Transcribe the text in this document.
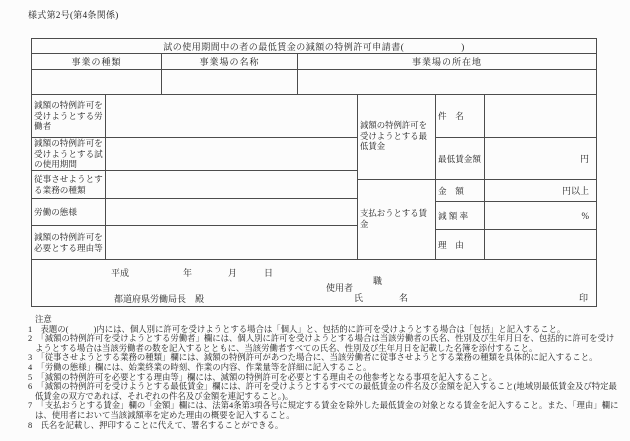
様式第2号(第4条関係)
試の使用期間中の者の最低賃金の減額の特例許可申請書(　　　　　　)
事業の種類	事業場の名称	事業場の所在地
減額の特例許可を受けようとする労働者
減額の特例許可を受けようとする試の使用期間
従事させようとする業務の種類
労働の態様
減額の特例許可を必要とする理由等
減額の特例許可を受けようとする最低賃金
件　名
最低賃金額	円
支払おうとする賃金
金　額	円以上
減 額 率	%
理　由
平成　　　　　　年　　　　月　　　日
都道府県労働局長　殿
使用者
職
氏　　　　名	印
注意
1　表題の(　　　)内には、個人別に許可を受けようとする場合は「個人」と、包括的に許可を受けようとする場合は「包括」と記入すること。
2　「減額の特例許可を受けようとする労働者」欄には、個人別に許可を受けようとする場合は当該労働者の氏名、性別及び生年月日を、包括的に許可を受けようとする場合は当該労働者の数を記入するとともに、当該労働者すべての氏名、性別及び生年月日を記載した名簿を添付すること。
3　「従事させようとする業務の種類」欄には、減額の特例許可があつた場合に、当該労働者に従事させようとする業務の種類を具体的に記入すること。
4　「労働の態様」欄には、始業終業の時刻、作業の内容、作業量等を詳細に記入すること。
5　「減額の特例許可を必要とする理由等」欄には、減額の特例許可を必要とする理由その他参考となる事項を記入すること。
6　「減額の特例許可を受けようとする最低賃金」欄には、許可を受けようとするすべての最低賃金の件名及び金額を記入すること(地域別最低賃金及び特定最低賃金の双方であれば、それぞれの件名及び金額を連記すること。)。
7　「支払おうとする賃金」欄の「金額」欄には、法第4条第3項各号に規定する賃金を除外した最低賃金の対象となる賃金を記入すること。また、「理由」欄には、使用者において当該減額率を定めた理由の概要を記入すること。
8　氏名を記載し、押印することに代えて、署名することができる。
